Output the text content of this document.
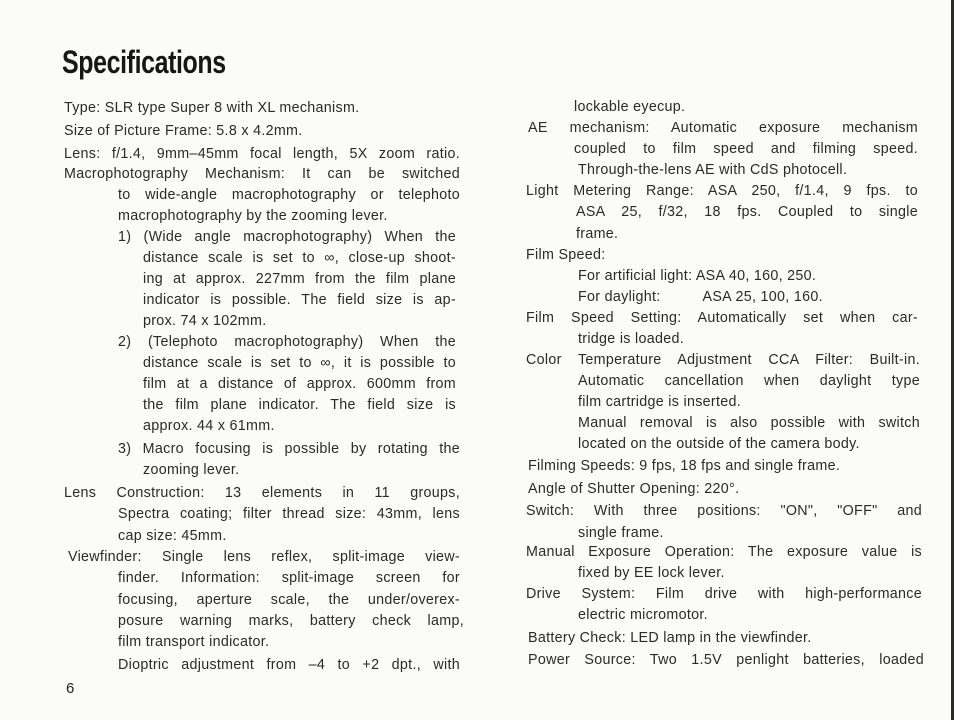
Specifications
Type: SLR type Super 8 with XL mechanism.
Size of Picture Frame: 5.8 x 4.2mm.
Lens: f/1.4, 9mm–45mm focal length, 5X zoom ratio.
Macrophotography Mechanism: It can be switched
to wide-angle macrophotography or telephoto
macrophotography by the zooming lever.
1) (Wide angle macrophotography) When the
distance scale is set to ∞, close-up shoot-
ing at approx. 227mm from the film plane
indicator is possible. The field size is ap-
prox. 74 x 102mm.
2) (Telephoto macrophotography) When the
distance scale is set to ∞, it is possible to
film at a distance of approx. 600mm from
the film plane indicator. The field size is
approx. 44 x 61mm.
3) Macro focusing is possible by rotating the
zooming lever.
Lens Construction: 13 elements in 11 groups,
Spectra coating; filter thread size: 43mm, lens
cap size: 45mm.
Viewfinder: Single lens reflex, split-image view-
finder. Information: split-image screen for
focusing, aperture scale, the under/overex-
posure warning marks, battery check lamp,
film transport indicator.
Dioptric adjustment from –4 to +2 dpt., with
lockable eyecup.
AE mechanism: Automatic exposure mechanism
coupled to film speed and filming speed.
Through-the-lens AE with CdS photocell.
Light Metering Range: ASA 250, f/1.4, 9 fps. to
ASA 25, f/32, 18 fps. Coupled to single
frame.
Film Speed:
For artificial light: ASA 40, 160, 250.
For daylight:          ASA 25, 100, 160.
Film Speed Setting: Automatically set when car-
tridge is loaded.
Color Temperature Adjustment CCA Filter: Built-in.
Automatic cancellation when daylight type
film cartridge is inserted.
Manual removal is also possible with switch
located on the outside of the camera body.
Filming Speeds: 9 fps, 18 fps and single frame.
Angle of Shutter Opening: 220°.
Switch: With three positions: "ON", "OFF" and
single frame.
Manual Exposure Operation: The exposure value is
fixed by EE lock lever.
Drive System: Film drive with high-performance
electric micromotor.
Battery Check: LED lamp in the viewfinder.
Power Source: Two 1.5V penlight batteries, loaded
6
